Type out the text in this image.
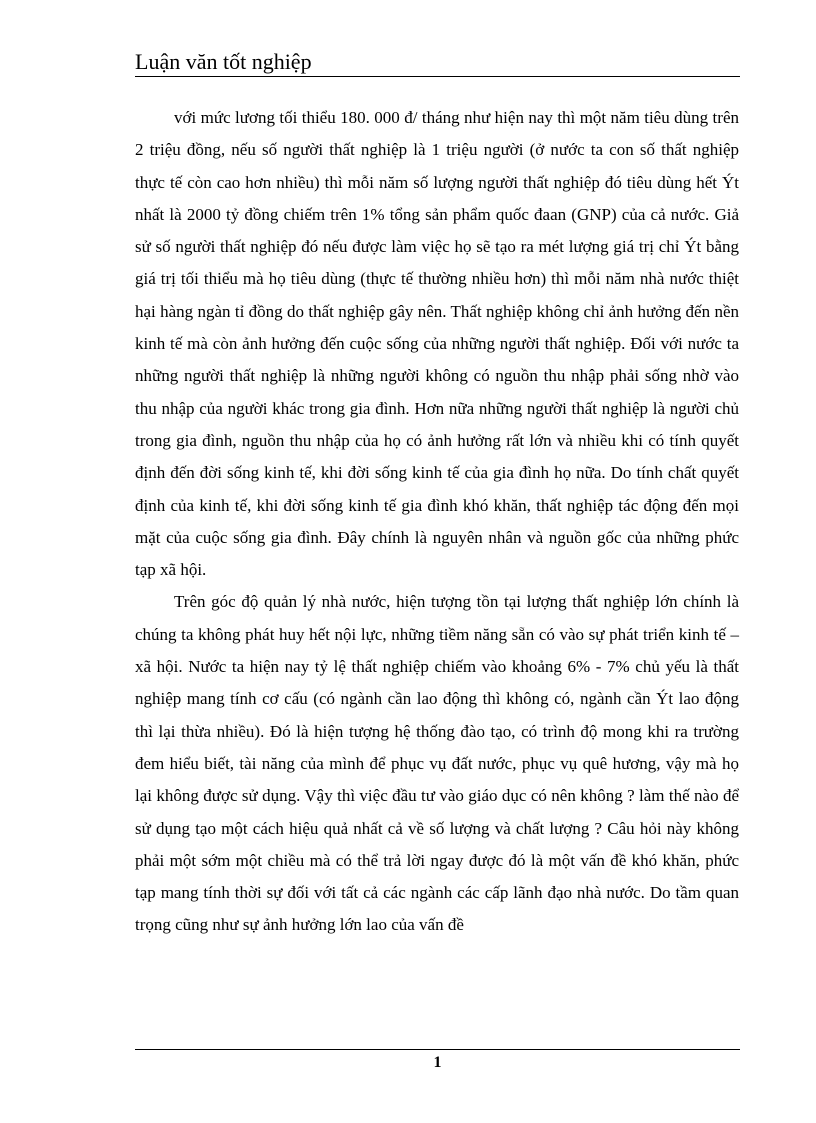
Luận văn tốt nghiệp

với mức lương tối thiểu 180. 000 đ/ tháng như hiện nay thì một năm tiêu dùng trên 2 triệu đồng, nếu số người thất nghiệp là 1 triệu người (ở nước ta con số thất nghiệp thực tế còn cao hơn nhiều) thì mỗi năm số lượng người thất nghiệp đó tiêu dùng hết Ýt nhất là 2000 tỷ đồng chiếm trên 1% tổng sản phẩm quốc đaan (GNP) của cả nước. Giả sử số người thất nghiệp đó nếu được làm việc họ sẽ tạo ra mét lượng giá trị chỉ Ýt bằng giá trị tối thiểu mà họ tiêu dùng (thực tế thường nhiều hơn) thì mỗi năm nhà nước thiệt hại hàng ngàn tỉ đồng do thất nghiệp gây nên. Thất nghiệp không chỉ ảnh hưởng đến nền kinh tế mà còn ảnh hưởng đến cuộc sống của những người thất nghiệp. Đối với nước ta những người thất nghiệp là những người không có nguồn thu nhập phải sống nhờ vào thu nhập của người khác trong gia đình. Hơn nữa những người thất nghiệp là người chủ trong gia đình, nguồn thu nhập của họ có ảnh hưởng rất lớn và nhiều khi có tính quyết định đến đời sống kinh tế, khi đời sống kinh tế của gia đình họ nữa. Do tính chất quyết định của kinh tế, khi đời sống kinh tế gia đình khó khăn, thất nghiệp tác động đến mọi mặt của cuộc sống gia đình. Đây chính là nguyên nhân và nguồn gốc của những phức tạp xã hội.

Trên góc độ quản lý nhà nước, hiện tượng tồn tại lượng thất nghiệp lớn chính là chúng ta không phát huy hết nội lực, những tiềm năng sẵn có vào sự phát triển kinh tế – xã hội. Nước ta hiện nay tỷ lệ thất nghiệp chiếm vào khoảng 6% - 7% chủ yếu là thất nghiệp mang tính cơ cấu (có ngành cần lao động thì không có, ngành cần Ýt lao động thì lại thừa nhiều). Đó là hiện tượng hệ thống đào tạo, có trình độ mong khi ra trường đem hiểu biết, tài năng của mình để phục vụ đất nước, phục vụ quê hương, vậy mà họ lại không được sử dụng. Vậy thì việc đầu tư vào giáo dục có nên không ? làm thế nào để sử dụng tạo một cách hiệu quả nhất cả về số lượng và chất lượng ? Câu hỏi này không phải một sớm một chiều mà có thể trả lời ngay được đó là một vấn đề khó khăn, phức tạp mang tính thời sự đối với tất cả các ngành các cấp lãnh đạo nhà nước. Do tầm quan trọng cũng như sự ảnh hưởng lớn lao của vấn đề

1
